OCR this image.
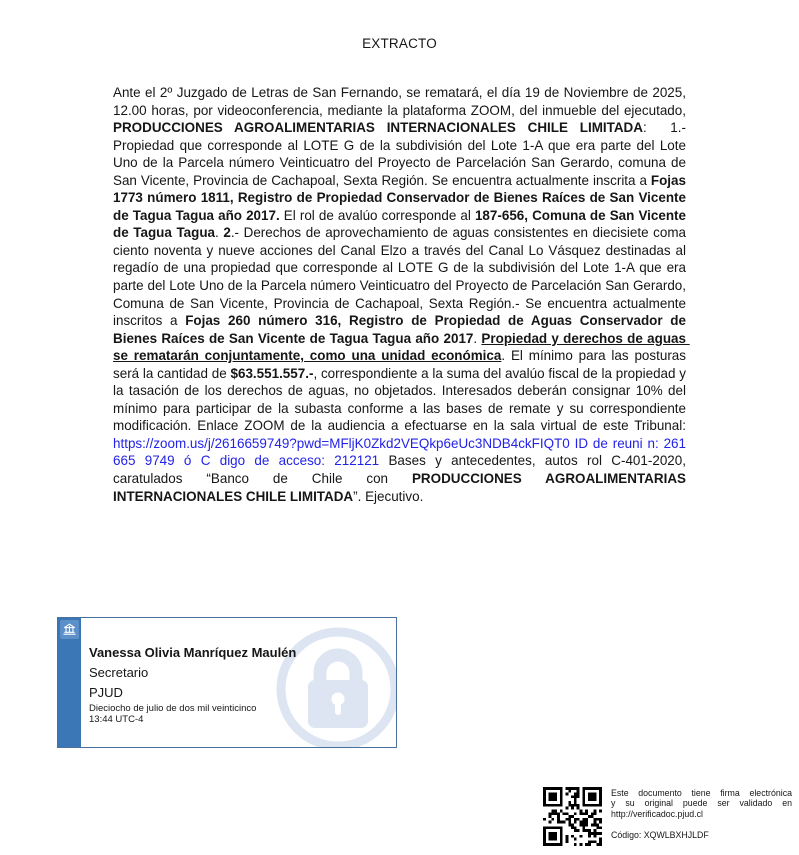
EXTRACTO
Ante el 2º Juzgado de Letras de San Fernando, se rematará, el día 19 de Noviembre de 2025, 12.00 horas, por videoconferencia, mediante la plataforma ZOOM, del inmueble del ejecutado, PRODUCCIONES AGROALIMENTARIAS INTERNACIONALES CHILE LIMITADA:  1.- Propiedad que corresponde al LOTE G de la subdivisión del Lote 1-A que era parte del Lote Uno de la Parcela número Veinticuatro del Proyecto de Parcelación San Gerardo, comuna de San Vicente, Provincia de Cachapoal, Sexta Región. Se encuentra actualmente inscrita a Fojas 1773 número 1811, Registro de Propiedad Conservador de Bienes Raíces de San Vicente de Tagua Tagua año 2017. El rol de avalúo corresponde al 187-656, Comuna de San Vicente de Tagua Tagua. 2.- Derechos de aprovechamiento de aguas consistentes en diecisiete coma ciento noventa y nueve acciones del Canal Elzo a través del Canal Lo Vásquez destinadas al regadío de una propiedad que corresponde al LOTE G de la subdivisión del Lote 1-A que era parte del Lote Uno de la Parcela número Veinticuatro del Proyecto de Parcelación San Gerardo, Comuna de San Vicente, Provincia de Cachapoal, Sexta Región.- Se encuentra actualmente inscritos a Fojas 260 número 316, Registro de Propiedad de Aguas Conservador de Bienes Raíces de San Vicente de Tagua Tagua año 2017. Propiedad y derechos de aguas se rematarán conjuntamente, como una unidad económica. El mínimo para las posturas será la cantidad de $63.551.557.-, correspondiente a la suma del avalúo fiscal de la propiedad y la tasación de los derechos de aguas, no objetados. Interesados deberán consignar 10% del mínimo para participar de la subasta conforme a las bases de remate y su correspondiente modificación. Enlace ZOOM de la audiencia a efectuarse en la sala virtual de este Tribunal: https://zoom.us/j/2616659749?pwd=MFljK0Zkd2VEQkp6eUc3NDB4ckFIQT0 ID de reuni n: 261 665 9749 ó C digo de acceso: 212121 Bases y antecedentes, autos rol C-401-2020, caratulados “Banco de Chile con PRODUCCIONES AGROALIMENTARIAS INTERNACIONALES CHILE LIMITADA”. Ejecutivo.
Vanessa Olivia Manríquez Maulén
Secretario
PJUD
Dieciocho de julio de dos mil veinticinco
13:44 UTC-4
Este documento tiene firma electrónica
y su original puede ser validado en
http://verificadoc.pjud.cl
Código: XQWLBXHJLDF
